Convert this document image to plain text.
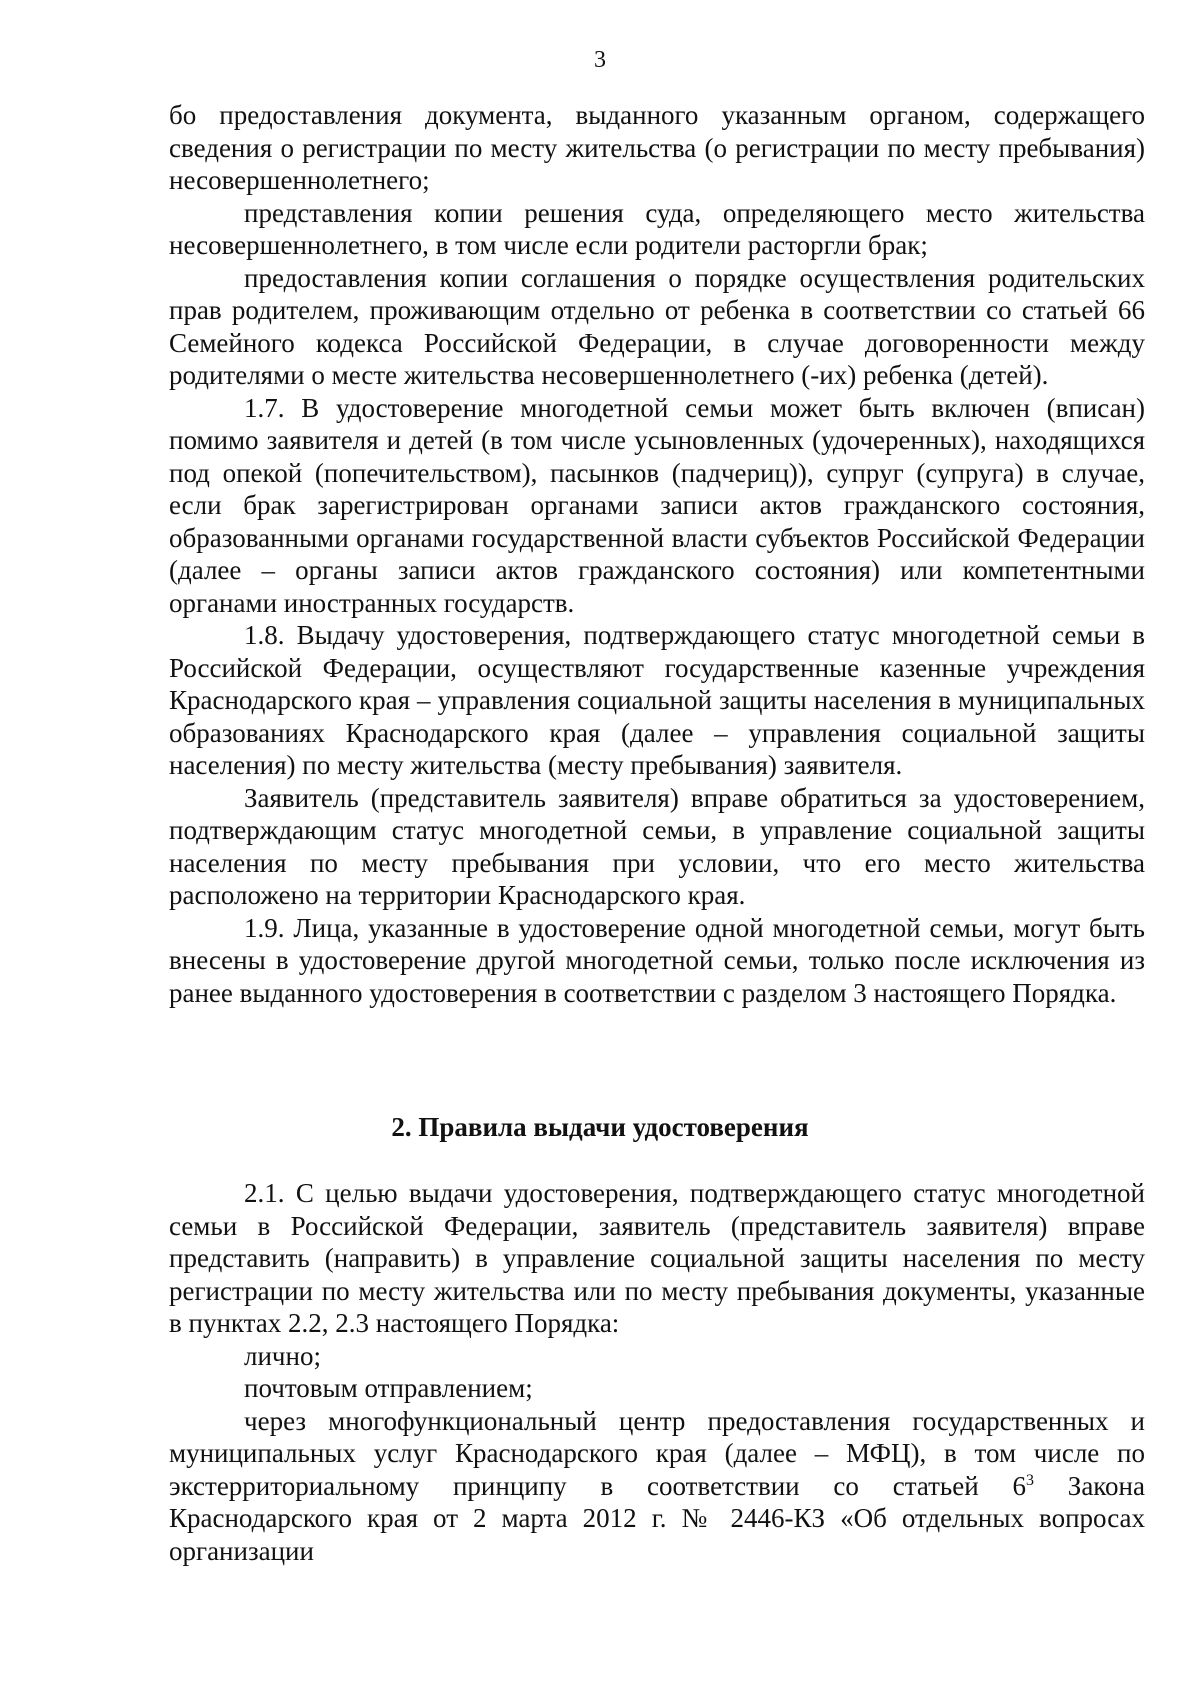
3

бо предоставления документа, выданного указанным органом, содержащего сведения о регистрации по месту жительства (о регистрации по месту пребывания) несовершеннолетнего;

представления копии решения суда, определяющего место жительства несовершеннолетнего, в том числе если родители расторгли брак;

предоставления копии соглашения о порядке осуществления родительских прав родителем, проживающим отдельно от ребенка в соответствии со статьей 66 Семейного кодекса Российской Федерации, в случае договоренности между родителями о месте жительства несовершеннолетнего (-их) ребенка (детей).

1.7. В удостоверение многодетной семьи может быть включен (вписан) помимо заявителя и детей (в том числе усыновленных (удочеренных), находящихся под опекой (попечительством), пасынков (падчериц)), супруг (супруга) в случае, если брак зарегистрирован органами записи актов гражданского состояния, образованными органами государственной власти субъектов Российской Федерации (далее – органы записи актов гражданского состояния) или компетентными органами иностранных государств.

1.8. Выдачу удостоверения, подтверждающего статус многодетной семьи в Российской Федерации, осуществляют государственные казенные учреждения Краснодарского края – управления социальной защиты населения в муниципальных образованиях Краснодарского края (далее – управления социальной защиты населения) по месту жительства (месту пребывания) заявителя.

Заявитель (представитель заявителя) вправе обратиться за удостоверением, подтверждающим статус многодетной семьи, в управление социальной защиты населения по месту пребывания при условии, что его место жительства расположено на территории Краснодарского края.

1.9. Лица, указанные в удостоверение одной многодетной семьи, могут быть внесены в удостоверение другой многодетной семьи, только после исключения из ранее выданного удостоверения в соответствии с разделом 3 настоящего Порядка.

2. Правила выдачи удостоверения

2.1. С целью выдачи удостоверения, подтверждающего статус многодетной семьи в Российской Федерации, заявитель (представитель заявителя) вправе представить (направить) в управление социальной защиты населения по месту регистрации по месту жительства или по месту пребывания документы, указанные в пунктах 2.2, 2.3 настоящего Порядка:

лично;

почтовым отправлением;

через многофункциональный центр предоставления государственных и муниципальных услуг Краснодарского края (далее – МФЦ), в том числе по экстерриториальному принципу в соответствии со статьей $6^3$ Закона Краснодарского края от 2 марта 2012 г. № 2446-КЗ «Об отдельных вопросах организации
